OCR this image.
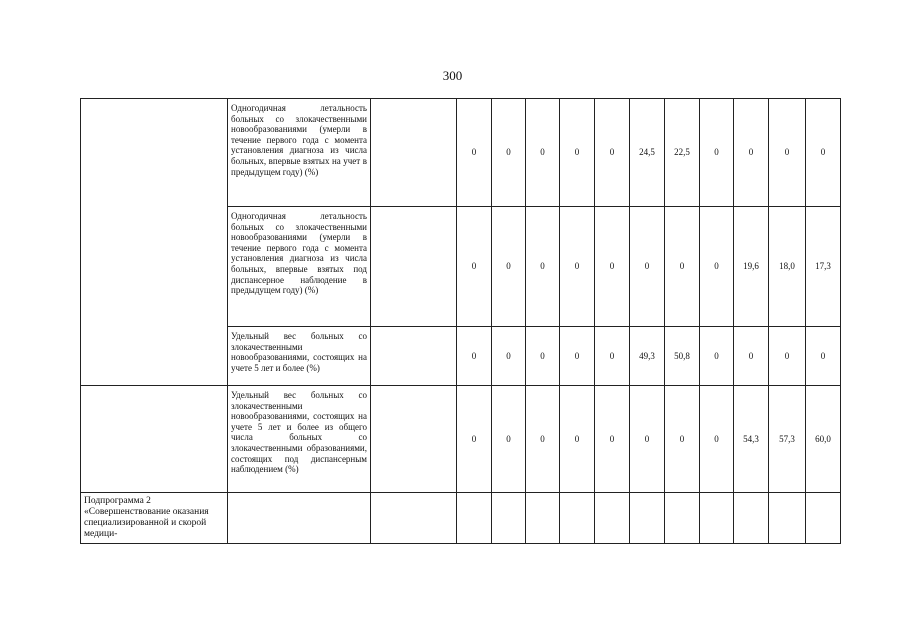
300

	Одногодичная летальность больных со злокачественными новообразованиями (умерли в течение первого года с момента установления диагноза из числа больных, впервые взятых на учет в предыдущем году) (%)		0	0	0	0	0	24,5	22,5	0	0	0	0	

	Одногодичная летальность больных со злокачественными новообразованиями (умерли в течение первого года с момента установления диагноза из числа больных, впервые взятых под диспансерное наблюдение в предыдущем году) (%)		0	0	0	0	0	0	0	0	19,6	18,0	17,3	

	Удельный вес больных со злокачественными новообразованиями, состоящих на учете 5 лет и более (%)		0	0	0	0	0	49,3	50,8	0	0	0	0	

	Удельный вес больных со злокачественными новообразованиями, состоящих на учете 5 лет и более из общего числа больных со злокачественными образованиями, состоящих под диспансерным наблюдением (%)		0	0	0	0	0	0	0	0	54,3	57,3	60,0	
Подпрограмма 2 «Совершенствование оказания специализированной и скорой медици-														
